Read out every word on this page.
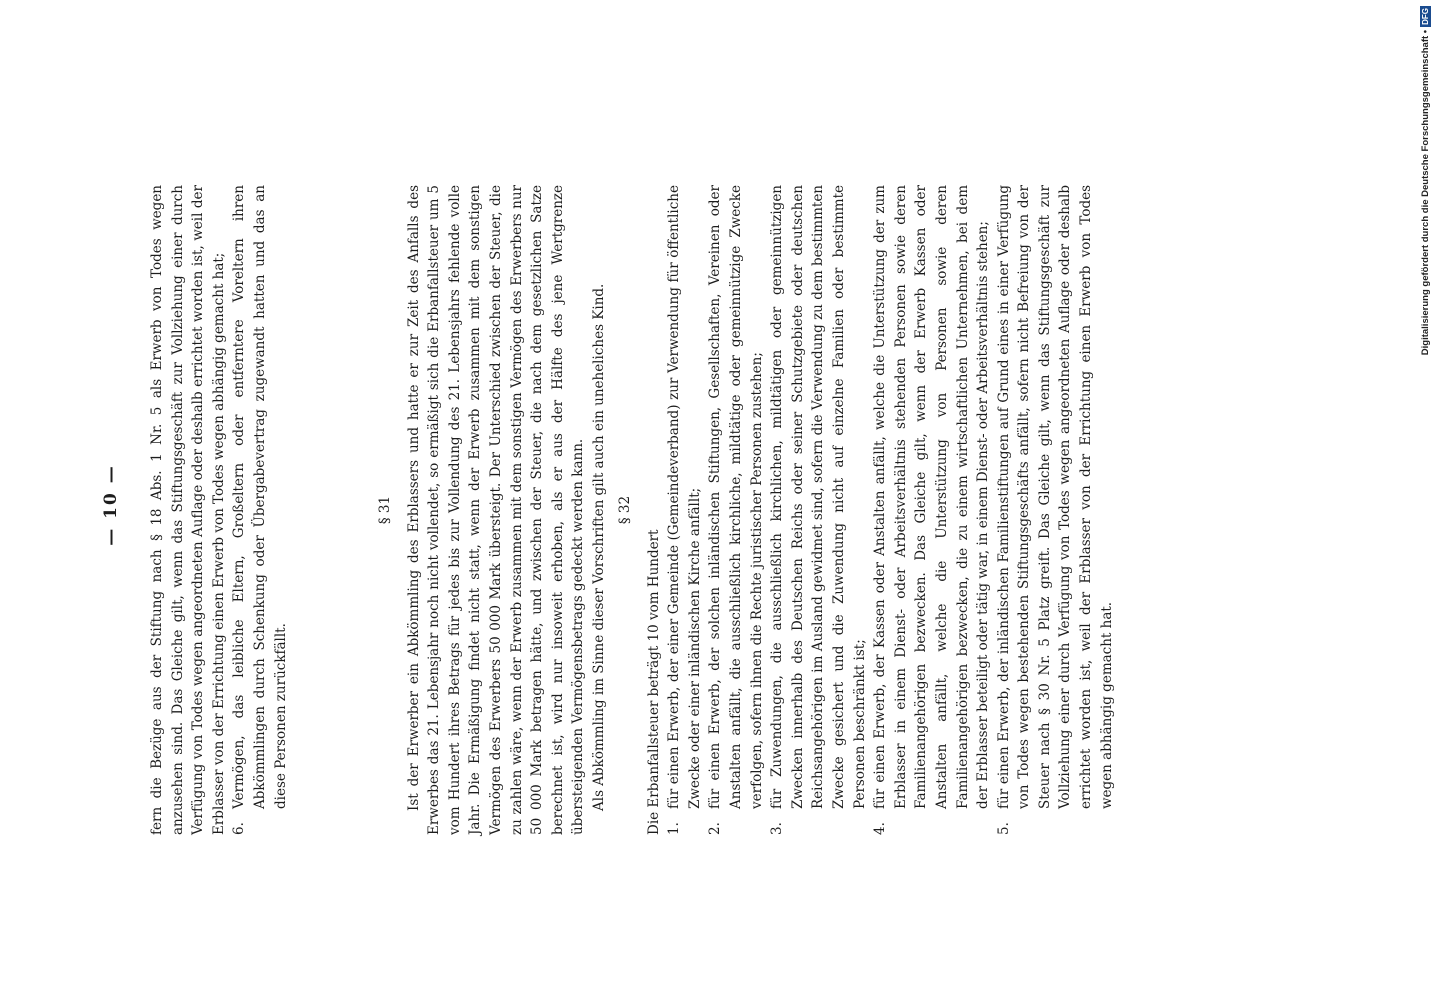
— 10 — fern die Bezüge aus der Stiftung nach § 18 Abs. 1 Nr. 5 als Erwerb von Todes wegen anzusehen sind. Das Gleiche gilt, wenn das Stiftungsgeschäft zur Vollziehung einer durch Verfügung von Todes wegen angeordneten Auflage oder deshalb errichtet worden ist, weil der Erblasser von der Errichtung einen Erwerb von Todes wegen abhängig gemacht hat; 6.
Vermögen, das leibliche Eltern, Großeltern oder entferntere Voreltern ihren Abkömmlingen durch Schenkung oder Übergabevertrag zugewandt hatten und das an diese Personen zurückfällt.
§ 31 Ist der Erwerber ein Abkömmling des Erblassers und hatte er zur Zeit des Anfalls des Erwerbes das 21. Lebensjahr noch nicht vollendet, so ermäßigt sich die Erbanfallsteuer um 5 vom Hundert ihres Betrags für jedes bis zur Vollendung des 21. Lebensjahrs fehlende volle Jahr. Die Ermäßigung findet nicht statt, wenn der Erwerb zusammen mit dem sonstigen Vermögen des Erwerbers 50 000 Mark übersteigt. Der Unterschied zwischen der Steuer, die zu zahlen wäre, wenn der Erwerb zusammen mit dem sonstigen Vermögen des Erwerbers nur 50 000 Mark betragen hätte, und zwischen der Steuer, die nach dem gesetzlichen Satze berechnet ist, wird nur insoweit erhoben, als er aus der Hälfte des jene Wertgrenze übersteigenden Vermögensbetrags gedeckt werden kann. Als Abkömmling im Sinne dieser Vorschriften gilt auch ein uneheliches Kind. § 32

Die Erbanfallsteuer beträgt 10 vom Hundert 1.
für einen Erwerb, der einer Gemeinde (Gemeindeverband) zur Verwendung für öffentliche Zwecke oder einer inländischen Kirche anfällt;
2.
für einen Erwerb, der solchen inländischen Stiftungen, Gesellschaften, Vereinen oder Anstalten anfällt, die ausschließlich kirchliche, mildtätige oder gemeinnützige Zwecke verfolgen, sofern ihnen die Rechte juristischer Personen zustehen;
3.
für Zuwendungen, die ausschließlich kirchlichen, mildtätigen oder gemeinnützigen Zwecken innerhalb des Deutschen Reichs oder seiner Schutzgebiete oder deutschen Reichsangehörigen im Ausland gewidmet sind, sofern die Verwendung zu dem bestimmten Zwecke gesichert und die Zuwendung nicht auf einzelne Familien oder bestimmte Personen beschränkt ist;
4.
für einen Erwerb, der Kassen oder Anstalten anfällt, welche die Unterstützung der zum Erblasser in einem Dienst- oder Arbeitsverhältnis stehenden Personen sowie deren Familienangehörigen bezwecken. Das Gleiche gilt, wenn der Erwerb Kassen oder Anstalten anfällt, welche die Unterstützung von Personen sowie deren Familienangehörigen bezwecken, die zu einem wirtschaftlichen Unternehmen, bei dem der Erblasser beteiligt oder tätig war, in einem Dienst- oder Arbeitsverhältnis stehen;
5.
für einen Erwerb, der inländischen Familienstiftungen auf Grund eines in einer Verfügung von Todes wegen bestehenden Stiftungsgeschäfts anfällt, sofern nicht Befreiung von der Steuer nach § 30 Nr. 5 Platz greift. Das Gleiche gilt, wenn das Stiftungsgeschäft zur Vollziehung einer durch Verfügung von Todes wegen angeordneten Auflage oder deshalb errichtet worden ist, weil der Erblasser von der Errichtung einen Erwerb von Todes wegen abhängig gemacht hat.
Digitalisierung gefördert durch die Deutsche Forschungsgemeinschaft •
DFG
